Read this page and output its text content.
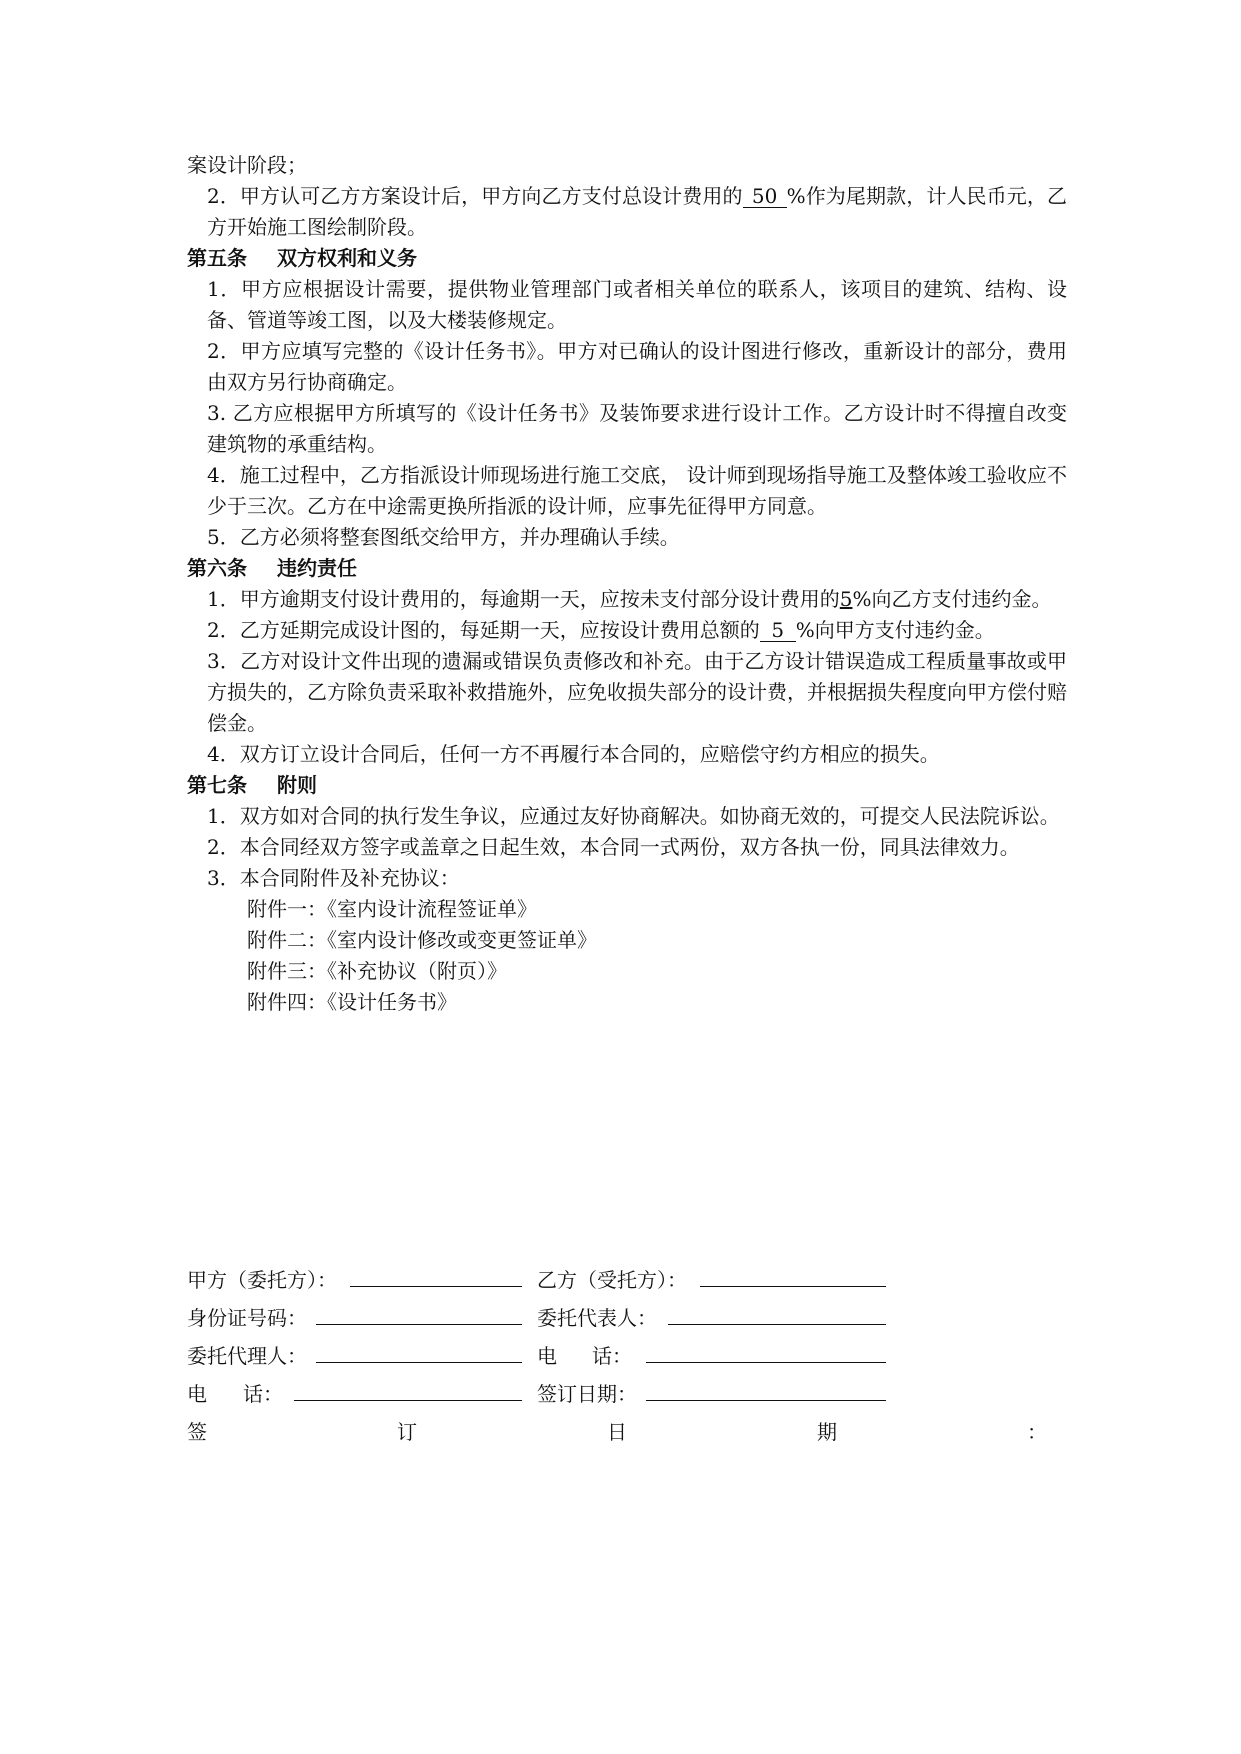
案设计阶段；

2．甲方认可乙方方案设计后，甲方向乙方支付总设计费用的 50 %作为尾期款，计人民币元，乙方开始施工图绘制阶段。

第五条 双方权利和义务

1．甲方应根据设计需要，提供物业管理部门或者相关单位的联系人，该项目的建筑、结构、设备、管道等竣工图，以及大楼装修规定。

2．甲方应填写完整的《设计任务书》。甲方对已确认的设计图进行修改，重新设计的部分，费用由双方另行协商确定。

3. 乙方应根据甲方所填写的《设计任务书》及装饰要求进行设计工作。乙方设计时不得擅自改变建筑物的承重结构。

4．施工过程中，乙方指派设计师现场进行施工交底， 设计师到现场指导施工及整体竣工验收应不少于三次。乙方在中途需更换所指派的设计师，应事先征得甲方同意。

5．乙方必须将整套图纸交给甲方，并办理确认手续。

第六条 违约责任

1．甲方逾期支付设计费用的，每逾期一天，应按未支付部分设计费用的5%向乙方支付违约金。

2．乙方延期完成设计图的，每延期一天，应按设计费用总额的 5 %向甲方支付违约金。

3．乙方对设计文件出现的遗漏或错误负责修改和补充。由于乙方设计错误造成工程质量事故或甲方损失的，乙方除负责采取补救措施外，应免收损失部分的设计费，并根据损失程度向甲方偿付赔偿金。

4．双方订立设计合同后，任何一方不再履行本合同的，应赔偿守约方相应的损失。

第七条 附则

1．双方如对合同的执行发生争议，应通过友好协商解决。如协商无效的，可提交人民法院诉讼。

2．本合同经双方签字或盖章之日起生效，本合同一式两份，双方各执一份，同具法律效力。

3．本合同附件及补充协议：

附件一：《室内设计流程签证单》

附件二：《室内设计修改或变更签证单》

附件三：《补充协议（附页）》

附件四：《设计任务书》

甲方（委托方）：	乙方（受托方）：
身份证号码：	委托代表人：
委托代理人：	电 话：
电 话：	签订日期：
签	订	日	期	：
